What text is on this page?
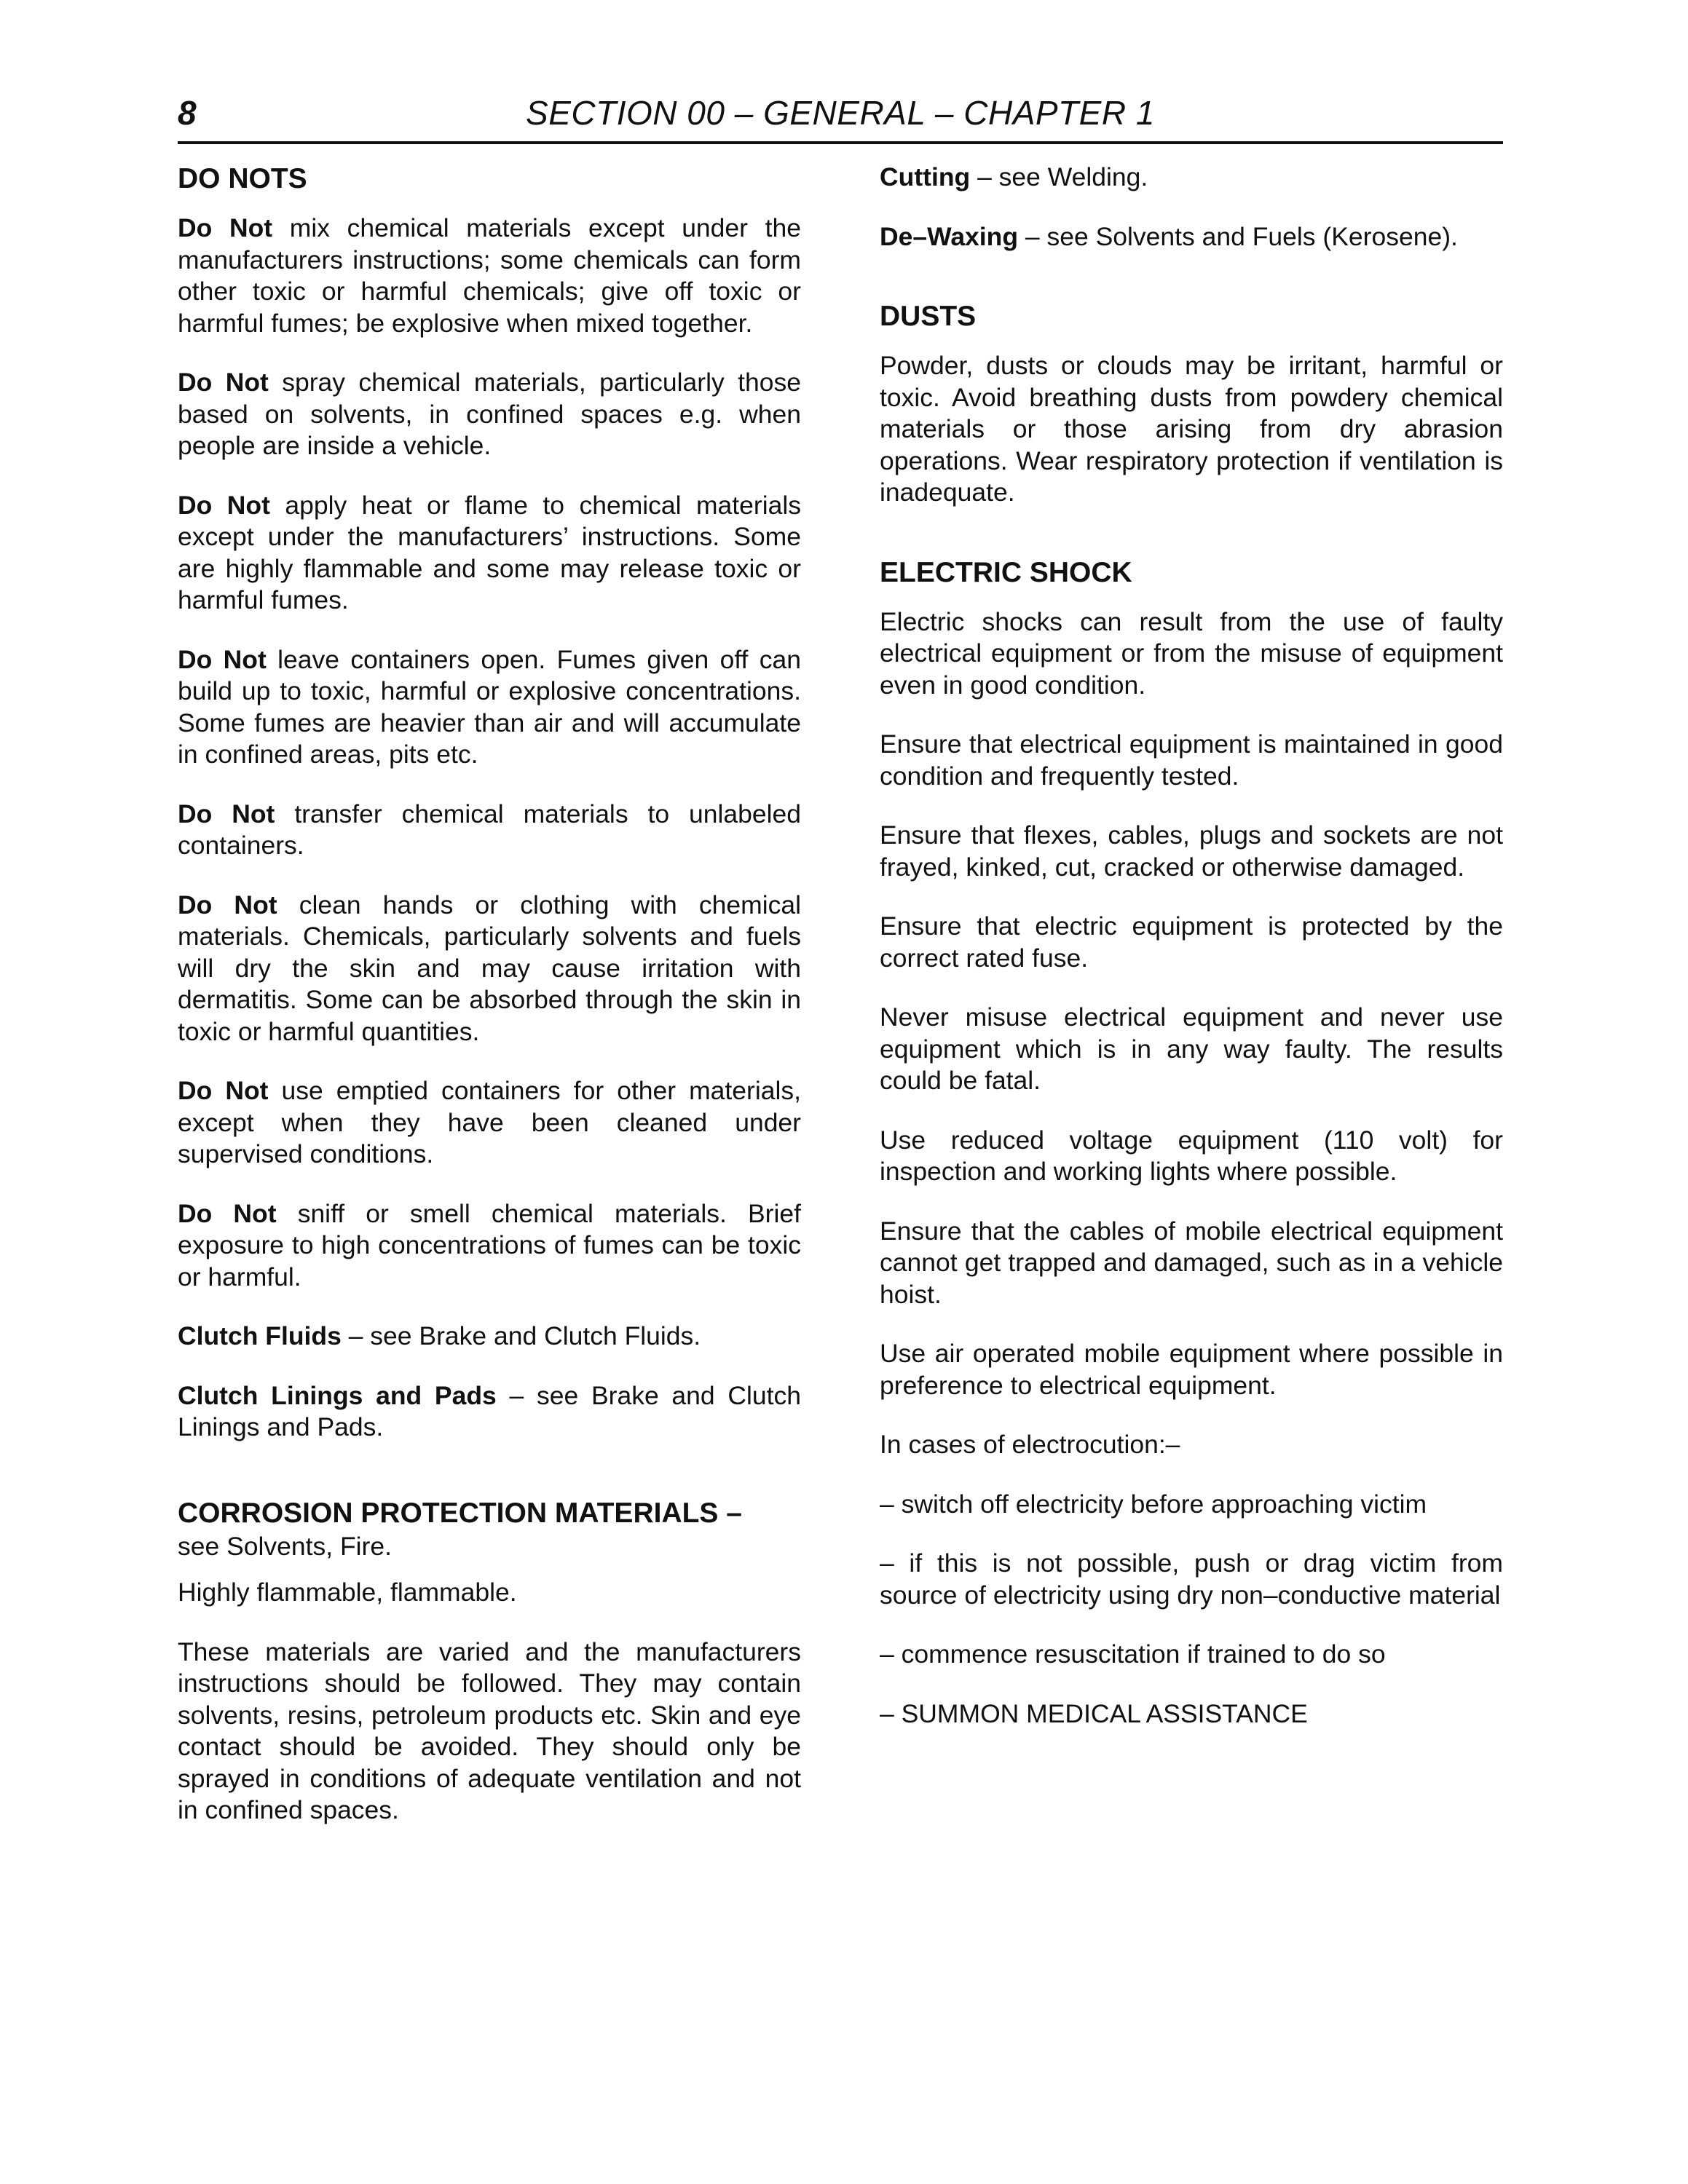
8	SECTION 00 – GENERAL – CHAPTER 1
DO NOTS

Do Not mix chemical materials except under the manufacturers instructions; some chemicals can form other toxic or harmful chemicals; give off toxic or harmful fumes; be explosive when mixed together.

Do Not spray chemical materials, particularly those based on solvents, in confined spaces e.g. when people are inside a vehicle.

Do Not apply heat or flame to chemical materials except under the manufacturers’ instructions. Some are highly flammable and some may release toxic or harmful fumes.

Do Not leave containers open. Fumes given off can build up to toxic, harmful or explosive concentrations. Some fumes are heavier than air and will accumulate in confined areas, pits etc.

Do Not transfer chemical materials to unlabeled containers.

Do Not clean hands or clothing with chemical materials. Chemicals, particularly solvents and fuels will dry the skin and may cause irritation with dermatitis. Some can be absorbed through the skin in toxic or harmful quantities.

Do Not use emptied containers for other materials, except when they have been cleaned under supervised conditions.

Do Not sniff or smell chemical materials. Brief exposure to high concentrations of fumes can be toxic or harmful.

Clutch Fluids – see Brake and Clutch Fluids.

Clutch Linings and Pads – see Brake and Clutch Linings and Pads.

CORROSION PROTECTION MATERIALS –

see Solvents, Fire.

Highly flammable, flammable.

These materials are varied and the manufacturers instructions should be followed. They may contain solvents, resins, petroleum products etc. Skin and eye contact should be avoided. They should only be sprayed in conditions of adequate ventilation and not in confined spaces.

Cutting – see Welding.

De–Waxing – see Solvents and Fuels (Kerosene).

DUSTS

Powder, dusts or clouds may be irritant, harmful or toxic. Avoid breathing dusts from powdery chemical materials or those arising from dry abrasion operations. Wear respiratory protection if ventilation is inadequate.

ELECTRIC SHOCK

Electric shocks can result from the use of faulty electrical equipment or from the misuse of equipment even in good condition.

Ensure that electrical equipment is maintained in good condition and frequently tested.

Ensure that flexes, cables, plugs and sockets are not frayed, kinked, cut, cracked or otherwise damaged.

Ensure that electric equipment is protected by the correct rated fuse.

Never misuse electrical equipment and never use equipment which is in any way faulty. The results could be fatal.

Use reduced voltage equipment (110 volt) for inspection and working lights where possible.

Ensure that the cables of mobile electrical equipment cannot get trapped and damaged, such as in a vehicle hoist.

Use air operated mobile equipment where possible in preference to electrical equipment.

In cases of electrocution:–

– switch off electricity before approaching victim

– if this is not possible, push or drag victim from source of electricity using dry non–conductive material

– commence resuscitation if trained to do so

– SUMMON MEDICAL ASSISTANCE
